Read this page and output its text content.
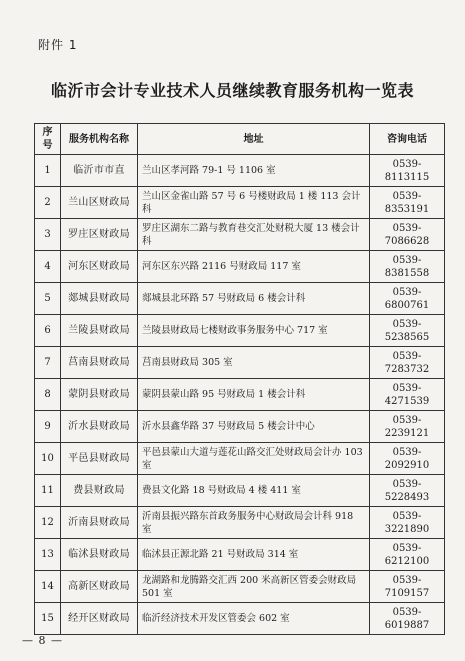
附件 1
临沂市会计专业技术人员继续教育服务机构一览表
序号	服务机构名称	地址	咨询电话
1	临沂市市直	兰山区孝河路 79-1 号 1106 室	0539-8113115
2	兰山区财政局	兰山区金雀山路 57 号 6 号楼财政局 1 楼 113 会计科	0539-8353191
3	罗庄区财政局	罗庄区湖东二路与教育巷交汇处财税大厦 13 楼会计科	0539-7086628
4	河东区财政局	河东区东兴路 2116 号财政局 117 室	0539-8381558
5	郯城县财政局	郯城县北环路 57 号财政局 6 楼会计科	0539-6800761
6	兰陵县财政局	兰陵县财政局七楼财政事务服务中心 717 室	0539-5238565
7	莒南县财政局	莒南县财政局 305 室	0539-7283732
8	蒙阴县财政局	蒙阴县蒙山路 95 号财政局 1 楼会计科	0539-4271539
9	沂水县财政局	沂水县鑫华路 37 号财政局 5 楼会计中心	0539-2239121
10	平邑县财政局	平邑县蒙山大道与莲花山路交汇处财政局会计办 103 室	0539-2092910
11	费县财政局	费县文化路 18 号财政局 4 楼 411 室	0539-5228493
12	沂南县财政局	沂南县振兴路东首政务服务中心财政局会计科 918 室	0539-3221890
13	临沭县财政局	临沭县正源北路 21 号财政局 314 室	0539-6212100
14	高新区财政局	龙湖路和龙腾路交汇西 200 米高新区管委会财政局 501 室	0539-7109157
15	经开区财政局	临沂经济技术开发区管委会 602 室	0539-6019887
— 8 —
